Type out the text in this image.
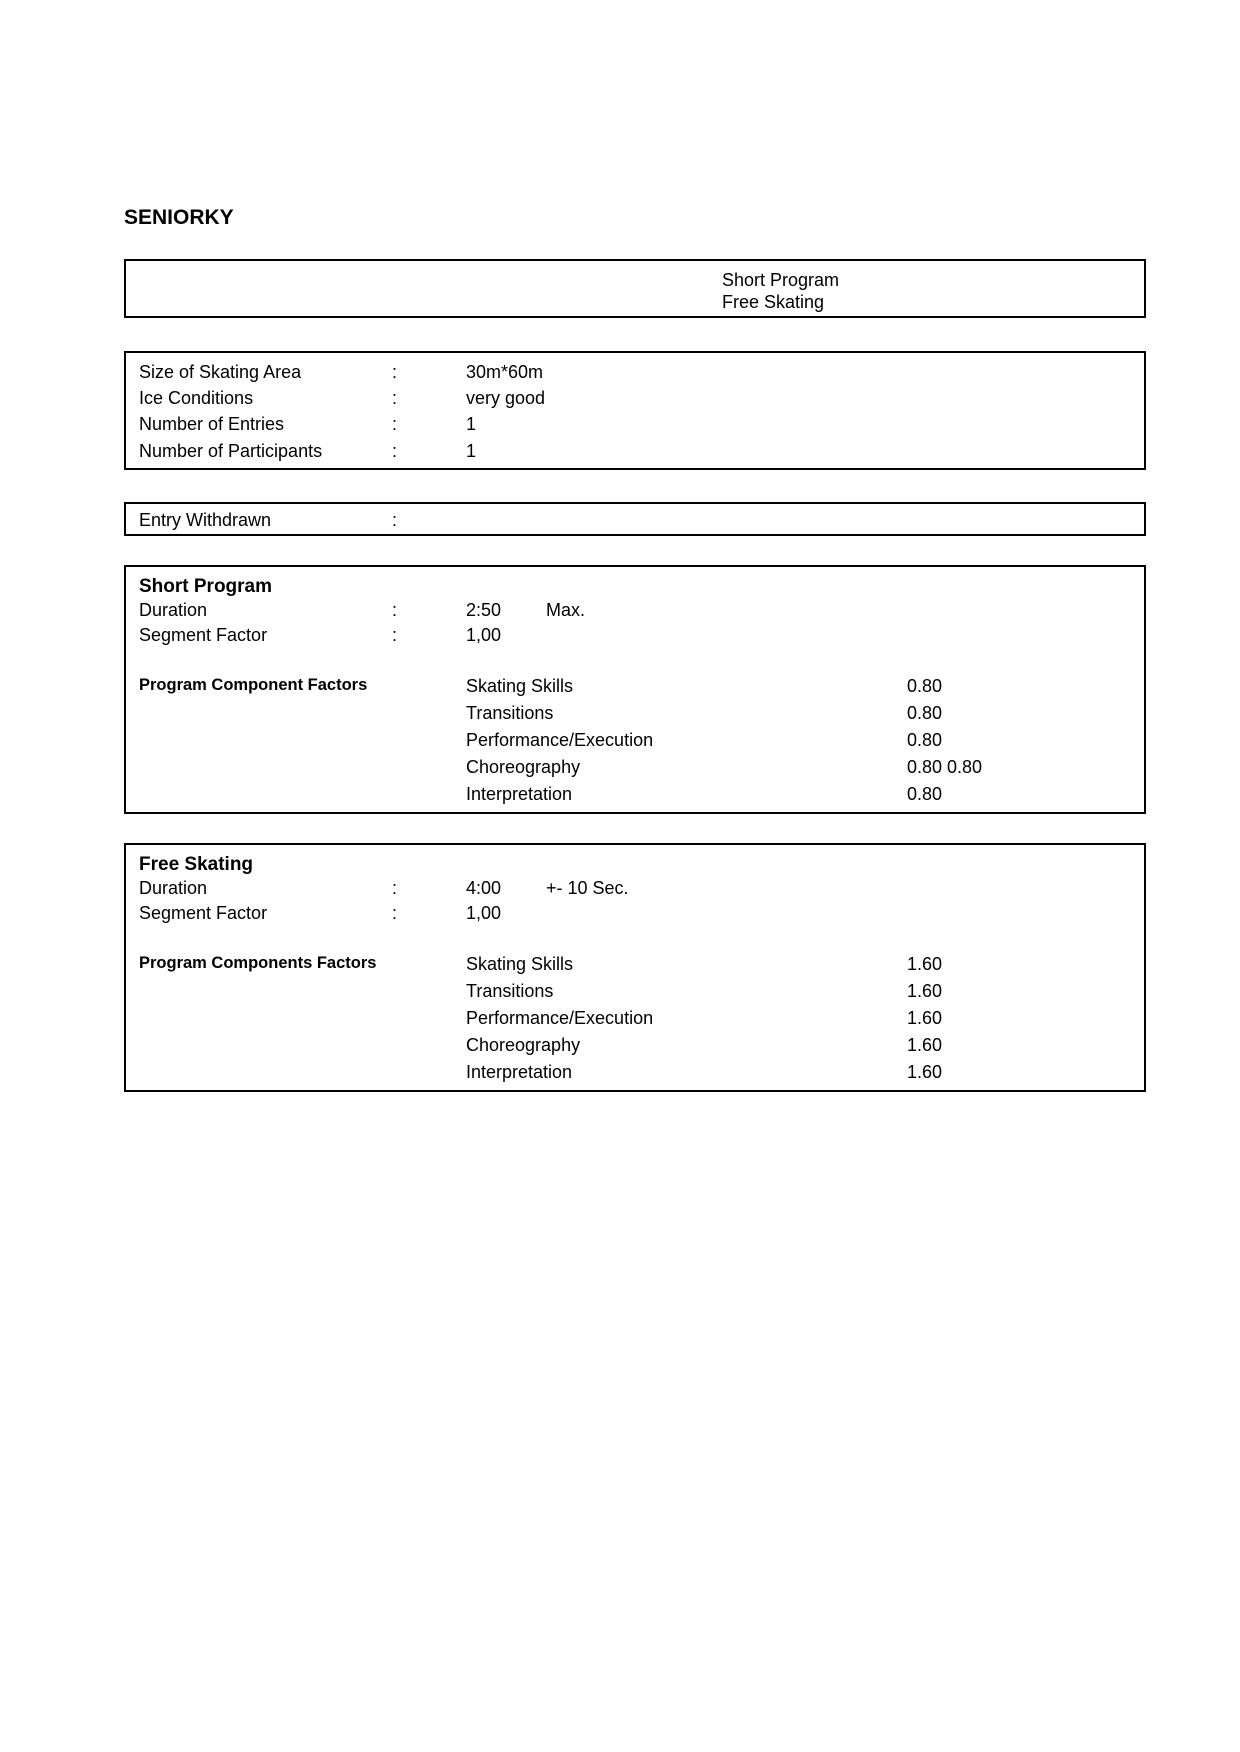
SENIORKY
Short Program
Free Skating
Size of Skating Area	:	30m*60m
Ice Conditions	:	very good
Number of Entries	:	1
Number of Participants	:	1
Entry Withdrawn	:
Short Program
Duration	:	2:50 Max.
Segment Factor	:	1,00
Program Component Factors	Skating Skills	0.80
Transitions	0.80
Performance/Execution	0.80
Choreography	0.80 0.80
Interpretation	0.80
Free Skating
Duration	:	4:00 +- 10 Sec.
Segment Factor	:	1,00
Program Components Factors	Skating Skills	1.60
Transitions	1.60
Performance/Execution	1.60
Choreography	1.60
Interpretation	1.60
